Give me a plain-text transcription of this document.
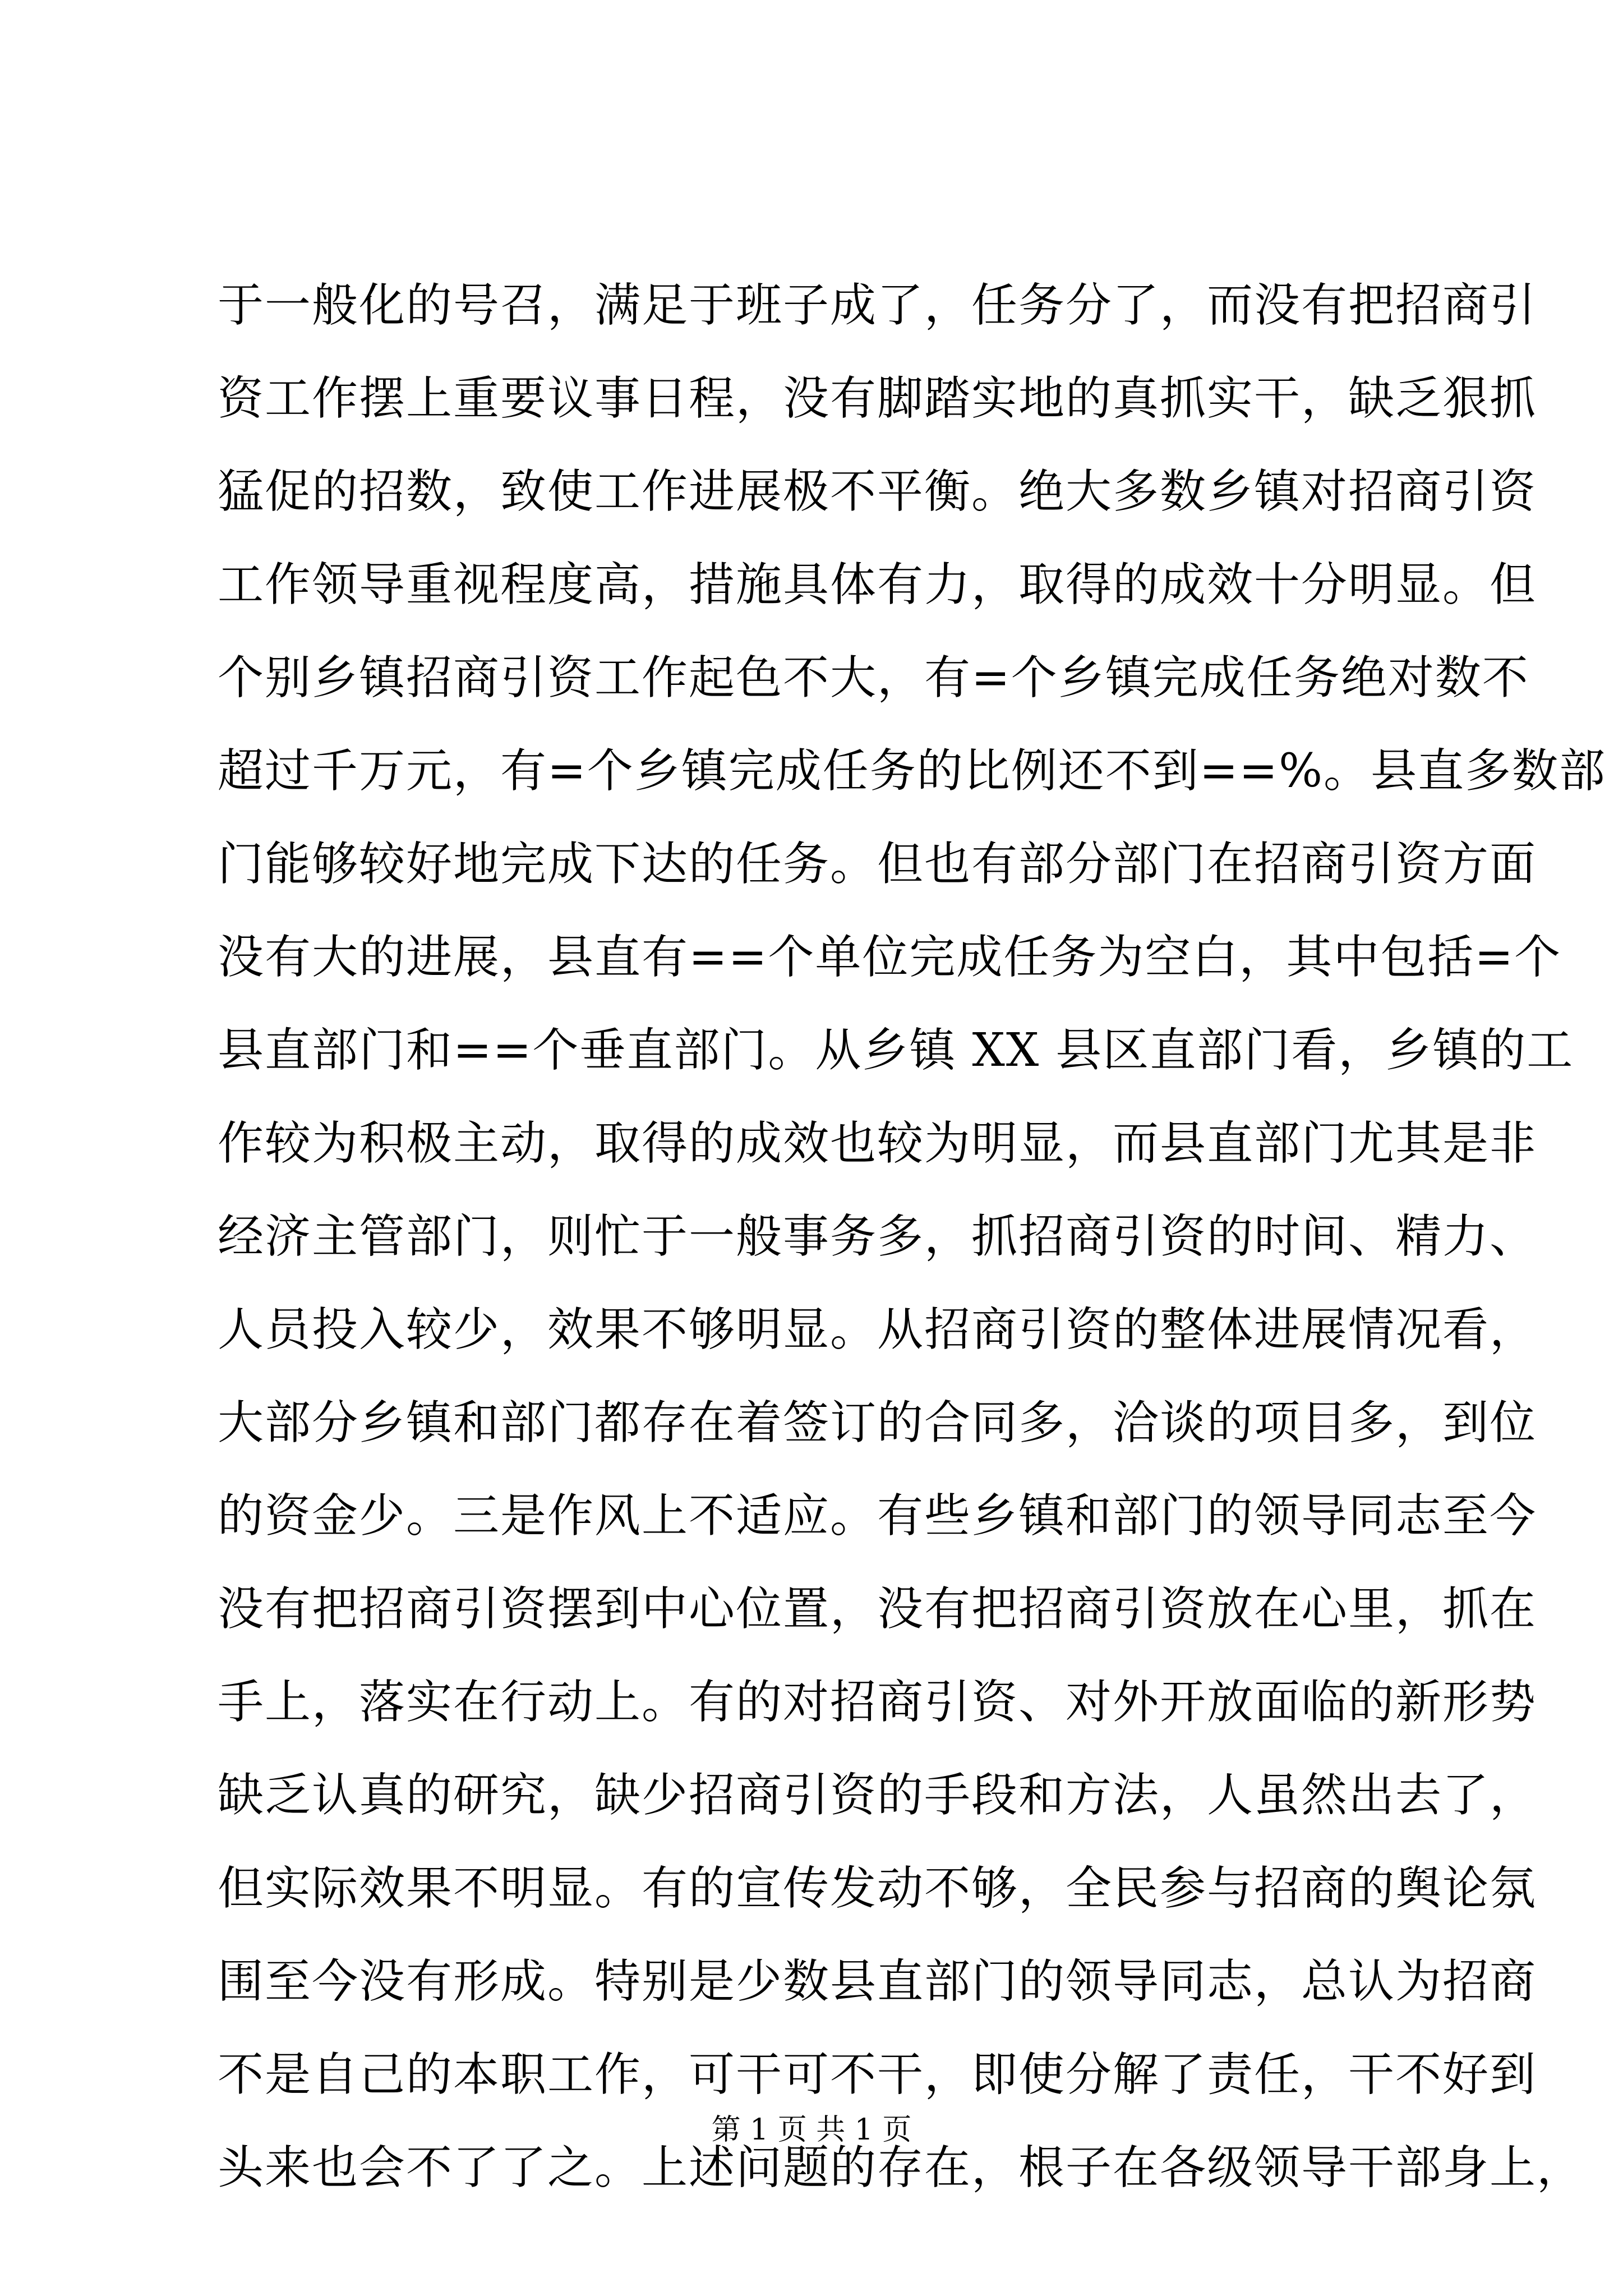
于一般化的号召，满足于班子成了，任务分了，而没有把招商引
资工作摆上重要议事日程，没有脚踏实地的真抓实干，缺乏狠抓
猛促的招数，致使工作进展极不平衡。绝大多数乡镇对招商引资
工作领导重视程度高，措施具体有力，取得的成效十分明显。但
个别乡镇招商引资工作起色不大，有=个乡镇完成任务绝对数不
超过千万元，有=个乡镇完成任务的比例还不到==%。县直多数部
门能够较好地完成下达的任务。但也有部分部门在招商引资方面
没有大的进展，县直有==个单位完成任务为空白，其中包括=个
县直部门和==个垂直部门。从乡镇 XX 县区直部门看，乡镇的工
作较为积极主动，取得的成效也较为明显，而县直部门尤其是非
经济主管部门，则忙于一般事务多，抓招商引资的时间、精力、
人员投入较少，效果不够明显。从招商引资的整体进展情况看，
大部分乡镇和部门都存在着签订的合同多，洽谈的项目多，到位
的资金少。三是作风上不适应。有些乡镇和部门的领导同志至今
没有把招商引资摆到中心位置，没有把招商引资放在心里，抓在
手上，落实在行动上。有的对招商引资、对外开放面临的新形势
缺乏认真的研究，缺少招商引资的手段和方法，人虽然出去了，
但实际效果不明显。有的宣传发动不够，全民参与招商的舆论氛
围至今没有形成。特别是少数县直部门的领导同志，总认为招商
不是自己的本职工作，可干可不干，即使分解了责任，干不好到
头来也会不了了之。上述问题的存在，根子在各级领导干部身上，
第 1 页 共 1 页
